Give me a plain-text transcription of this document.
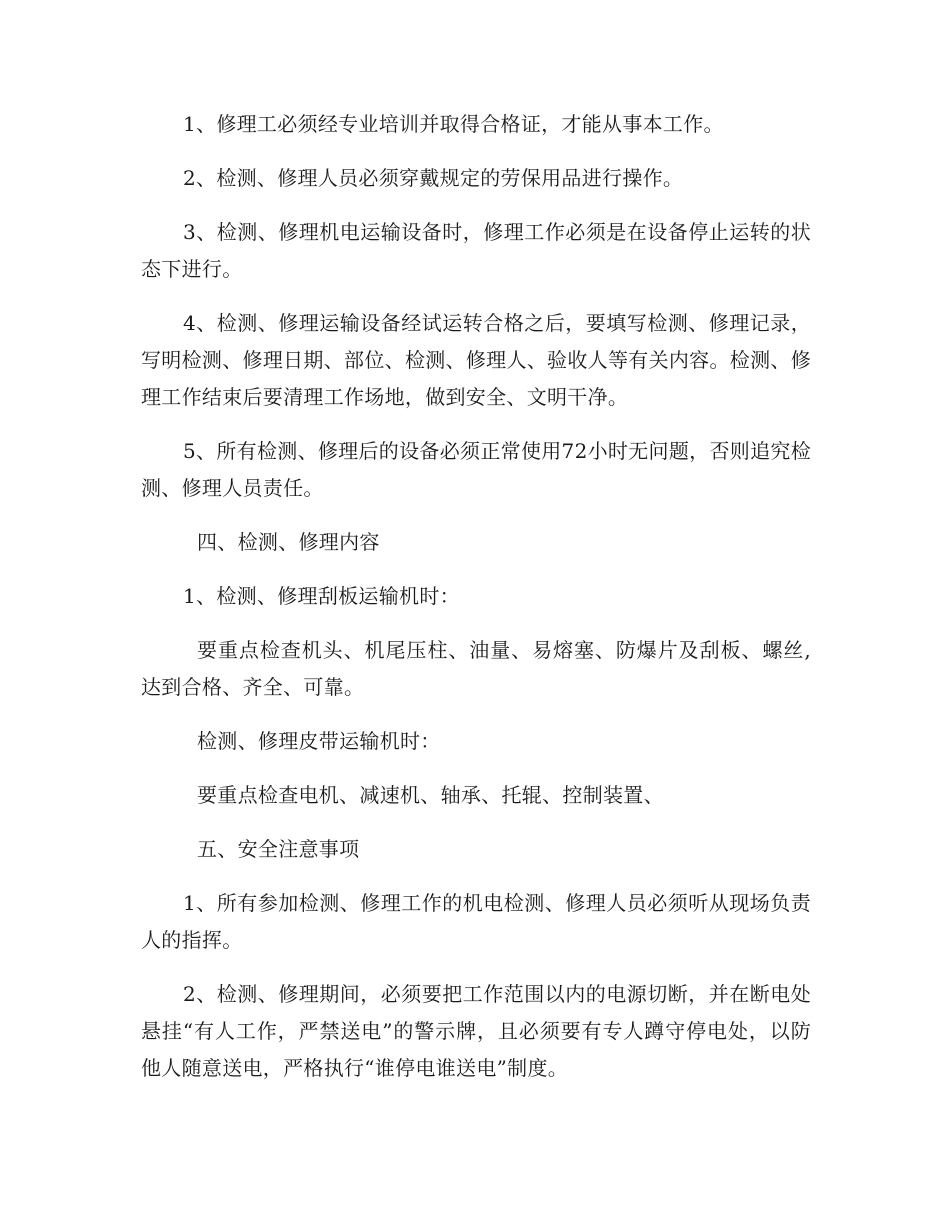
1、修理工必须经专业培训并取得合格证，才能从事本工作。

2、检测、修理人员必须穿戴规定的劳保用品进行操作。

3、检测、修理机电运输设备时，修理工作必须是在设备停止运转的状态下进行。

4、检测、修理运输设备经试运转合格之后，要填写检测、修理记录，写明检测、修理日期、部位、检测、修理人、验收人等有关内容。检测、修理工作结束后要清理工作场地，做到安全、文明干净。

5、所有检测、修理后的设备必须正常使用72小时无问题，否则追究检测、修理人员责任。

四、检测、修理内容

1、检测、修理刮板运输机时：

要重点检查机头、机尾压柱、油量、易熔塞、防爆片及刮板、螺丝,达到合格、齐全、可靠。

检测、修理皮带运输机时：

要重点检查电机、减速机、轴承、托辊、控制装置、

五、安全注意事项

1、所有参加检测、修理工作的机电检测、修理人员必须听从现场负责人的指挥。

2、检测、修理期间，必须要把工作范围以内的电源切断，并在断电处悬挂“有人工作，严禁送电”的警示牌，且必须要有专人蹲守停电处，以防他人随意送电，严格执行“谁停电谁送电”制度。
